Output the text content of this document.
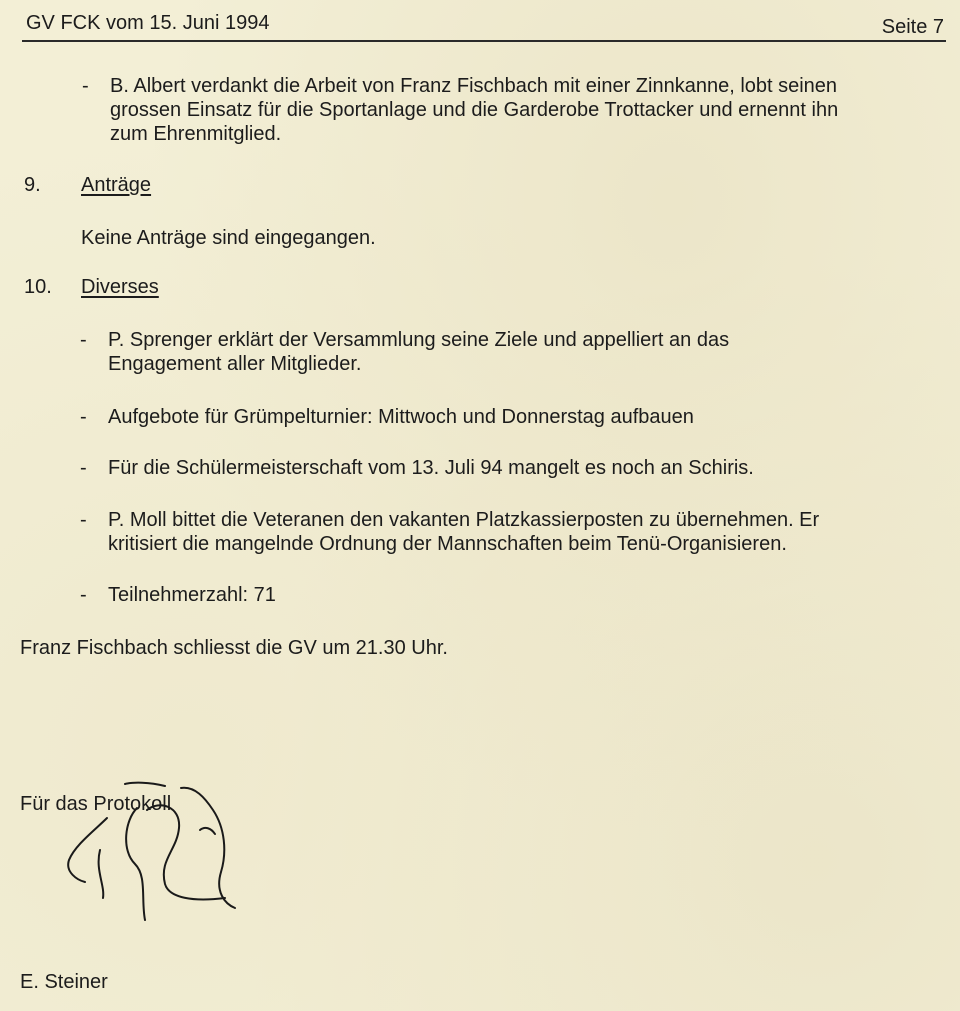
GV FCK vom 15. Juni 1994	Seite 7
-	B. Albert verdankt die Arbeit von Franz Fischbach mit einer Zinnkanne, lobt seinen
grossen Einsatz für die Sportanlage und die Garderobe Trottacker und ernennt ihn
zum Ehrenmitglied.
9. Anträge
Keine Anträge sind eingegangen.
10. Diverses
-	P. Sprenger erklärt der Versammlung seine Ziele und appelliert an das
Engagement aller Mitglieder.
-	Aufgebote für Grümpelturnier: Mittwoch und Donnerstag aufbauen
-	Für die Schülermeisterschaft vom 13. Juli 94 mangelt es noch an Schiris.
-	P. Moll bittet die Veteranen den vakanten Platzkassierposten zu übernehmen. Er
kritisiert die mangelnde Ordnung der Mannschaften beim Tenü-Organisieren.
-	Teilnehmerzahl: 71
Franz Fischbach schliesst die GV um 21.30 Uhr.
Für das Protokoll
E. Steiner
